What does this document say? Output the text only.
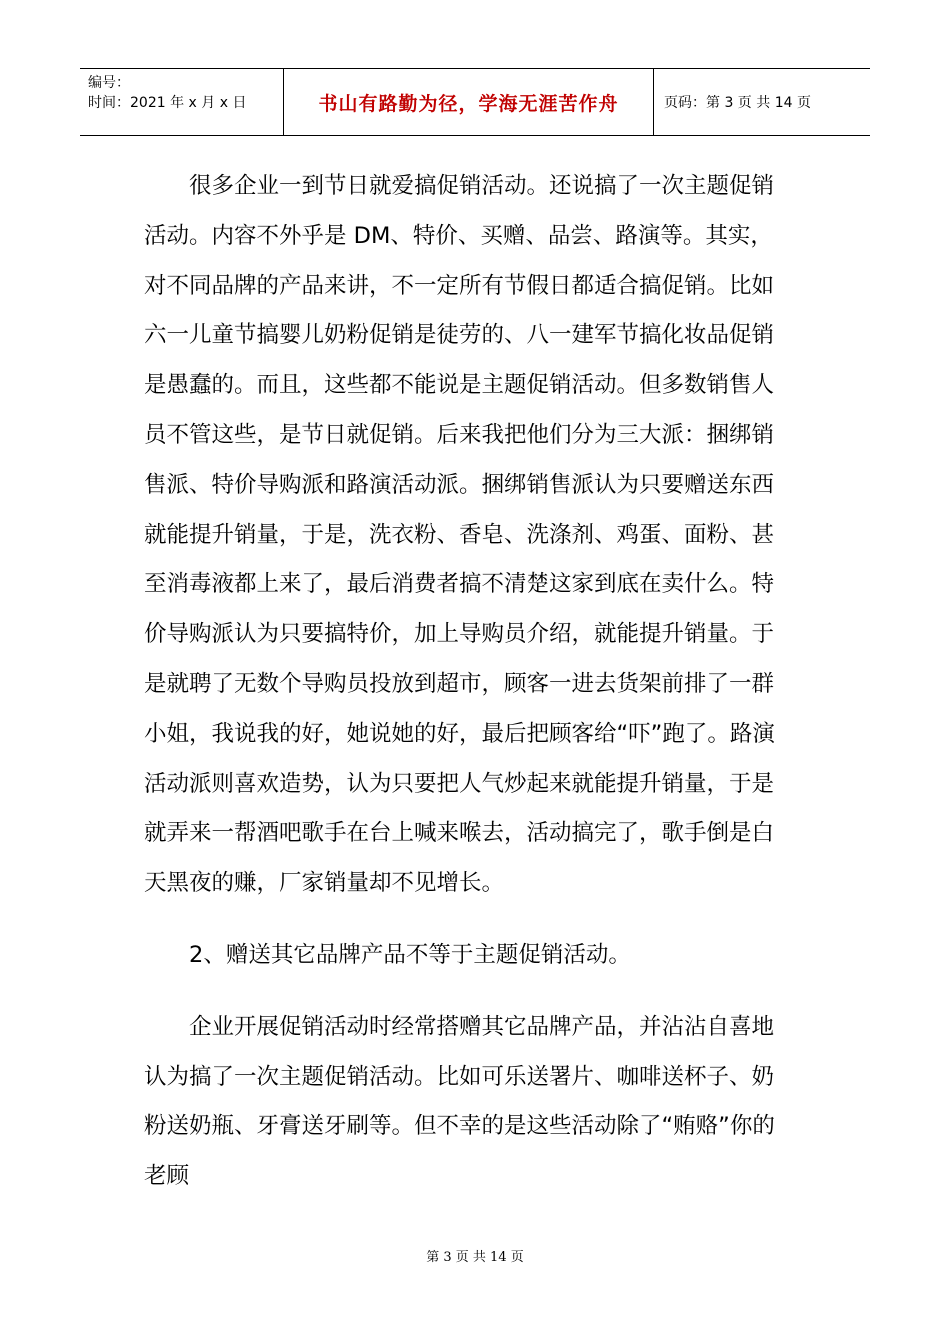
编号：
时间：2021 年 x 月 x 日	书山有路勤为径，学海无涯苦作舟	页码：第 3 页 共 14 页

很多企业一到节日就爱搞促销活动。还说搞了一次主题促销活动。内容不外乎是 DM、特价、买赠、品尝、路演等。其实，对不同品牌的产品来讲，不一定所有节假日都适合搞促销。比如六一儿童节搞婴儿奶粉促销是徒劳的、八一建军节搞化妆品促销是愚蠢的。而且，这些都不能说是主题促销活动。但多数销售人员不管这些，是节日就促销。后来我把他们分为三大派：捆绑销售派、特价导购派和路演活动派。捆绑销售派认为只要赠送东西就能提升销量，于是，洗衣粉、香皂、洗涤剂、鸡蛋、面粉、甚至消毒液都上来了，最后消费者搞不清楚这家到底在卖什么。特价导购派认为只要搞特价，加上导购员介绍，就能提升销量。于是就聘了无数个导购员投放到超市，顾客一进去货架前排了一群小姐，我说我的好，她说她的好，最后把顾客给“吓”跑了。路演活动派则喜欢造势，认为只要把人气炒起来就能提升销量，于是就弄来一帮酒吧歌手在台上喊来喉去，活动搞完了，歌手倒是白天黑夜的赚，厂家销量却不见增长。

2、赠送其它品牌产品不等于主题促销活动。

企业开展促销活动时经常搭赠其它品牌产品，并沾沾自喜地认为搞了一次主题促销活动。比如可乐送署片、咖啡送杯子、奶粉送奶瓶、牙膏送牙刷等。但不幸的是这些活动除了“贿赂”你的老顾

第 3 页 共 14 页
